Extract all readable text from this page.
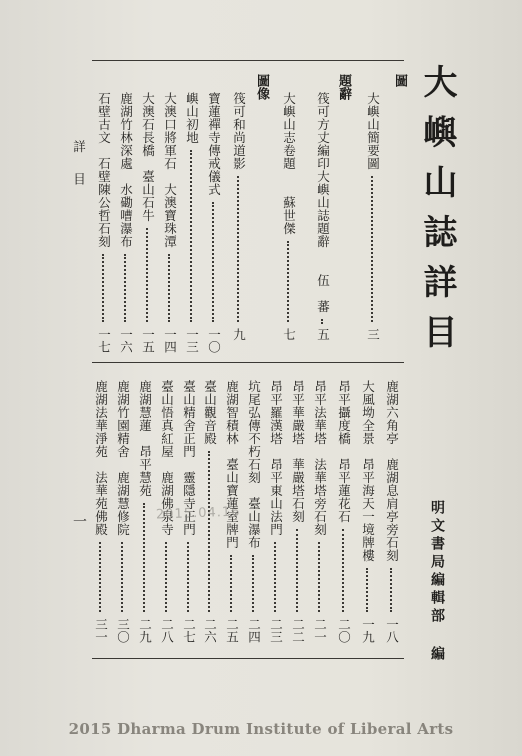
大嶼山誌詳目
明文書局編輯部 編
詳目
一
圖
題辭
圖像
大嶼山簡要圖
三
筏可方丈編印大嶼山誌題辭　　伍　蕃
五
大嶼山志卷題　　蘇世傑
七
筏可和尚道影
九
寶蓮禪寺傳戒儀式
一〇
嶼山初地
一三
大澳口將軍石　大澳寶珠潭
一四
大澳石長橋　臺山石牛
一五
鹿湖竹林深處　水磡嘈瀑布
一六
石壁古文　石壁陳公哲石刻
一七
鹿湖六角亭　鹿湖息肩亭旁石刻
一八
大風坳全景　昂平海天一境牌樓
一九
昂平攝度橋　昂平蓮花石
二〇
昂平法華塔　法華塔旁石刻
二一
昂平華嚴塔　華嚴塔石刻
二二
昂平羅漢塔　昂平東山法門
二三
坑尾弘傳不朽石刻　臺山瀑布
二四
鹿湖智積林　臺山寶蓮室牌門
二五
臺山觀音殿
二六
臺山精舍正門　靈隱寺正門
二七
臺山悟真紅屋　鹿湖佛泉寺
二八
鹿湖慧蓮　昂平慧苑
二九
鹿湖竹園精舍　鹿湖慧修院
三〇
鹿湖法華淨苑　法華苑佛殿
三一
2015.04.16
2015 Dharma Drum Institute of Liberal Arts
